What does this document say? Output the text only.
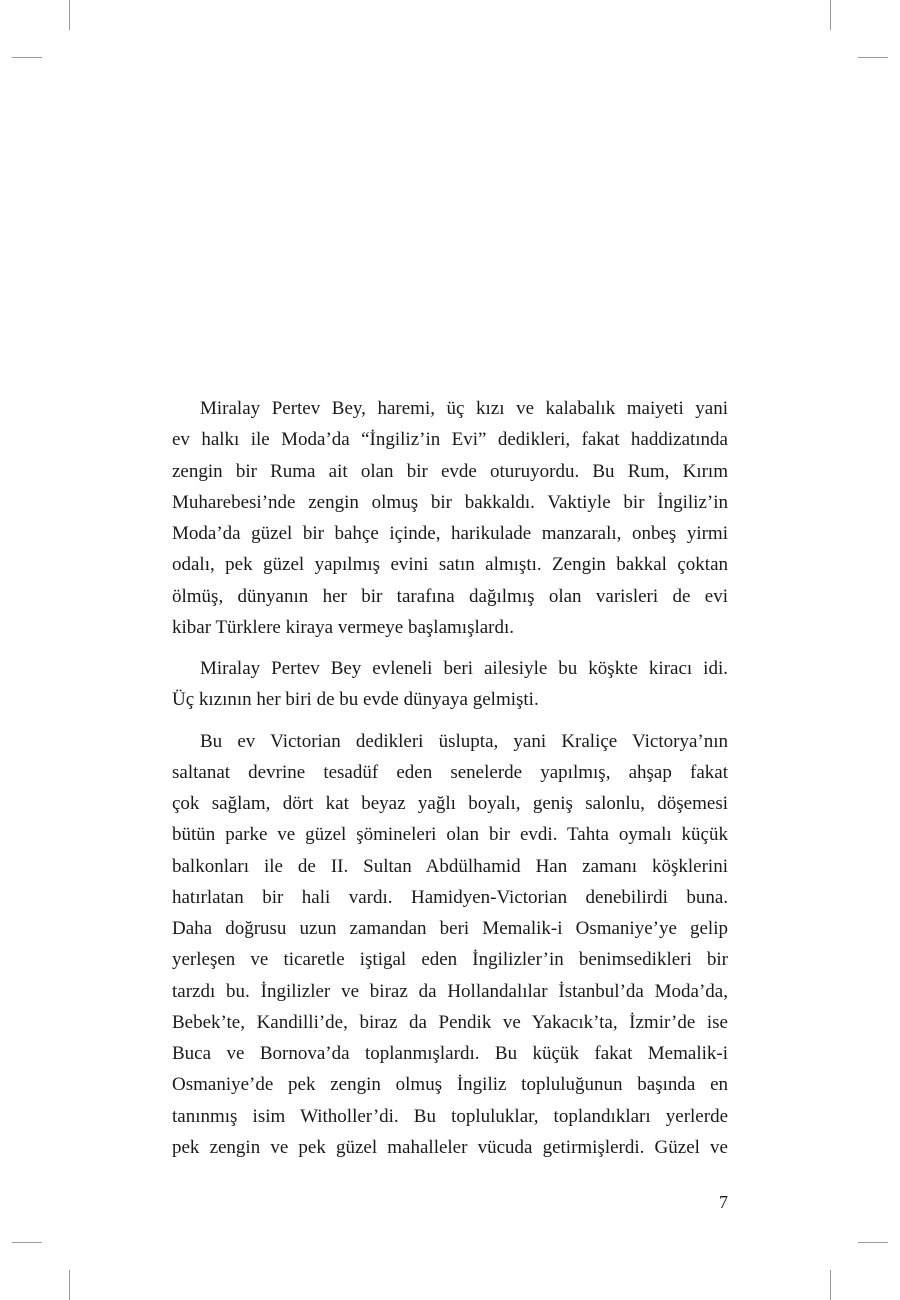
Miralay Pertev Bey, haremi, üç kızı ve kalabalık maiyeti yani
ev halkı ile Moda’da “İngiliz’in Evi” dedikleri, fakat haddizatında
zengin bir Ruma ait olan bir evde oturuyordu. Bu Rum, Kırım
Muharebesi’nde zengin olmuş bir bakkaldı. Vaktiyle bir İngiliz’in
Moda’da güzel bir bahçe içinde, harikulade manzaralı, onbeş yirmi
odalı, pek güzel yapılmış evini satın almıştı. Zengin bakkal çoktan
ölmüş, dünyanın her bir tarafına dağılmış olan varisleri de evi
kibar Türklere kiraya vermeye başlamışlardı.
Miralay Pertev Bey evleneli beri ailesiyle bu köşkte kiracı idi.
Üç kızının her biri de bu evde dünyaya gelmişti.
Bu ev Victorian dedikleri üslupta, yani Kraliçe Victorya’nın
saltanat devrine tesadüf eden senelerde yapılmış, ahşap fakat
çok sağlam, dört kat beyaz yağlı boyalı, geniş salonlu, döşemesi
bütün parke ve güzel şömineleri olan bir evdi. Tahta oymalı küçük
balkonları ile de II. Sultan Abdülhamid Han zamanı köşklerini
hatırlatan bir hali vardı. Hamidyen-Victorian denebilirdi buna.
Daha doğrusu uzun zamandan beri Memalik-i Osmaniye’ye gelip
yerleşen ve ticaretle iştigal eden İngilizler’in benimsedikleri bir
tarzdı bu. İngilizler ve biraz da Hollandalılar İstanbul’da Moda’da,
Bebek’te, Kandilli’de, biraz da Pendik ve Yakacık’ta, İzmir’de ise
Buca ve Bornova’da toplanmışlardı. Bu küçük fakat Memalik-i
Osmaniye’de pek zengin olmuş İngiliz topluluğunun başında en
tanınmış isim Witholler’di. Bu topluluklar, toplandıkları yerlerde
pek zengin ve pek güzel mahalleler vücuda getirmişlerdi. Güzel ve
7
